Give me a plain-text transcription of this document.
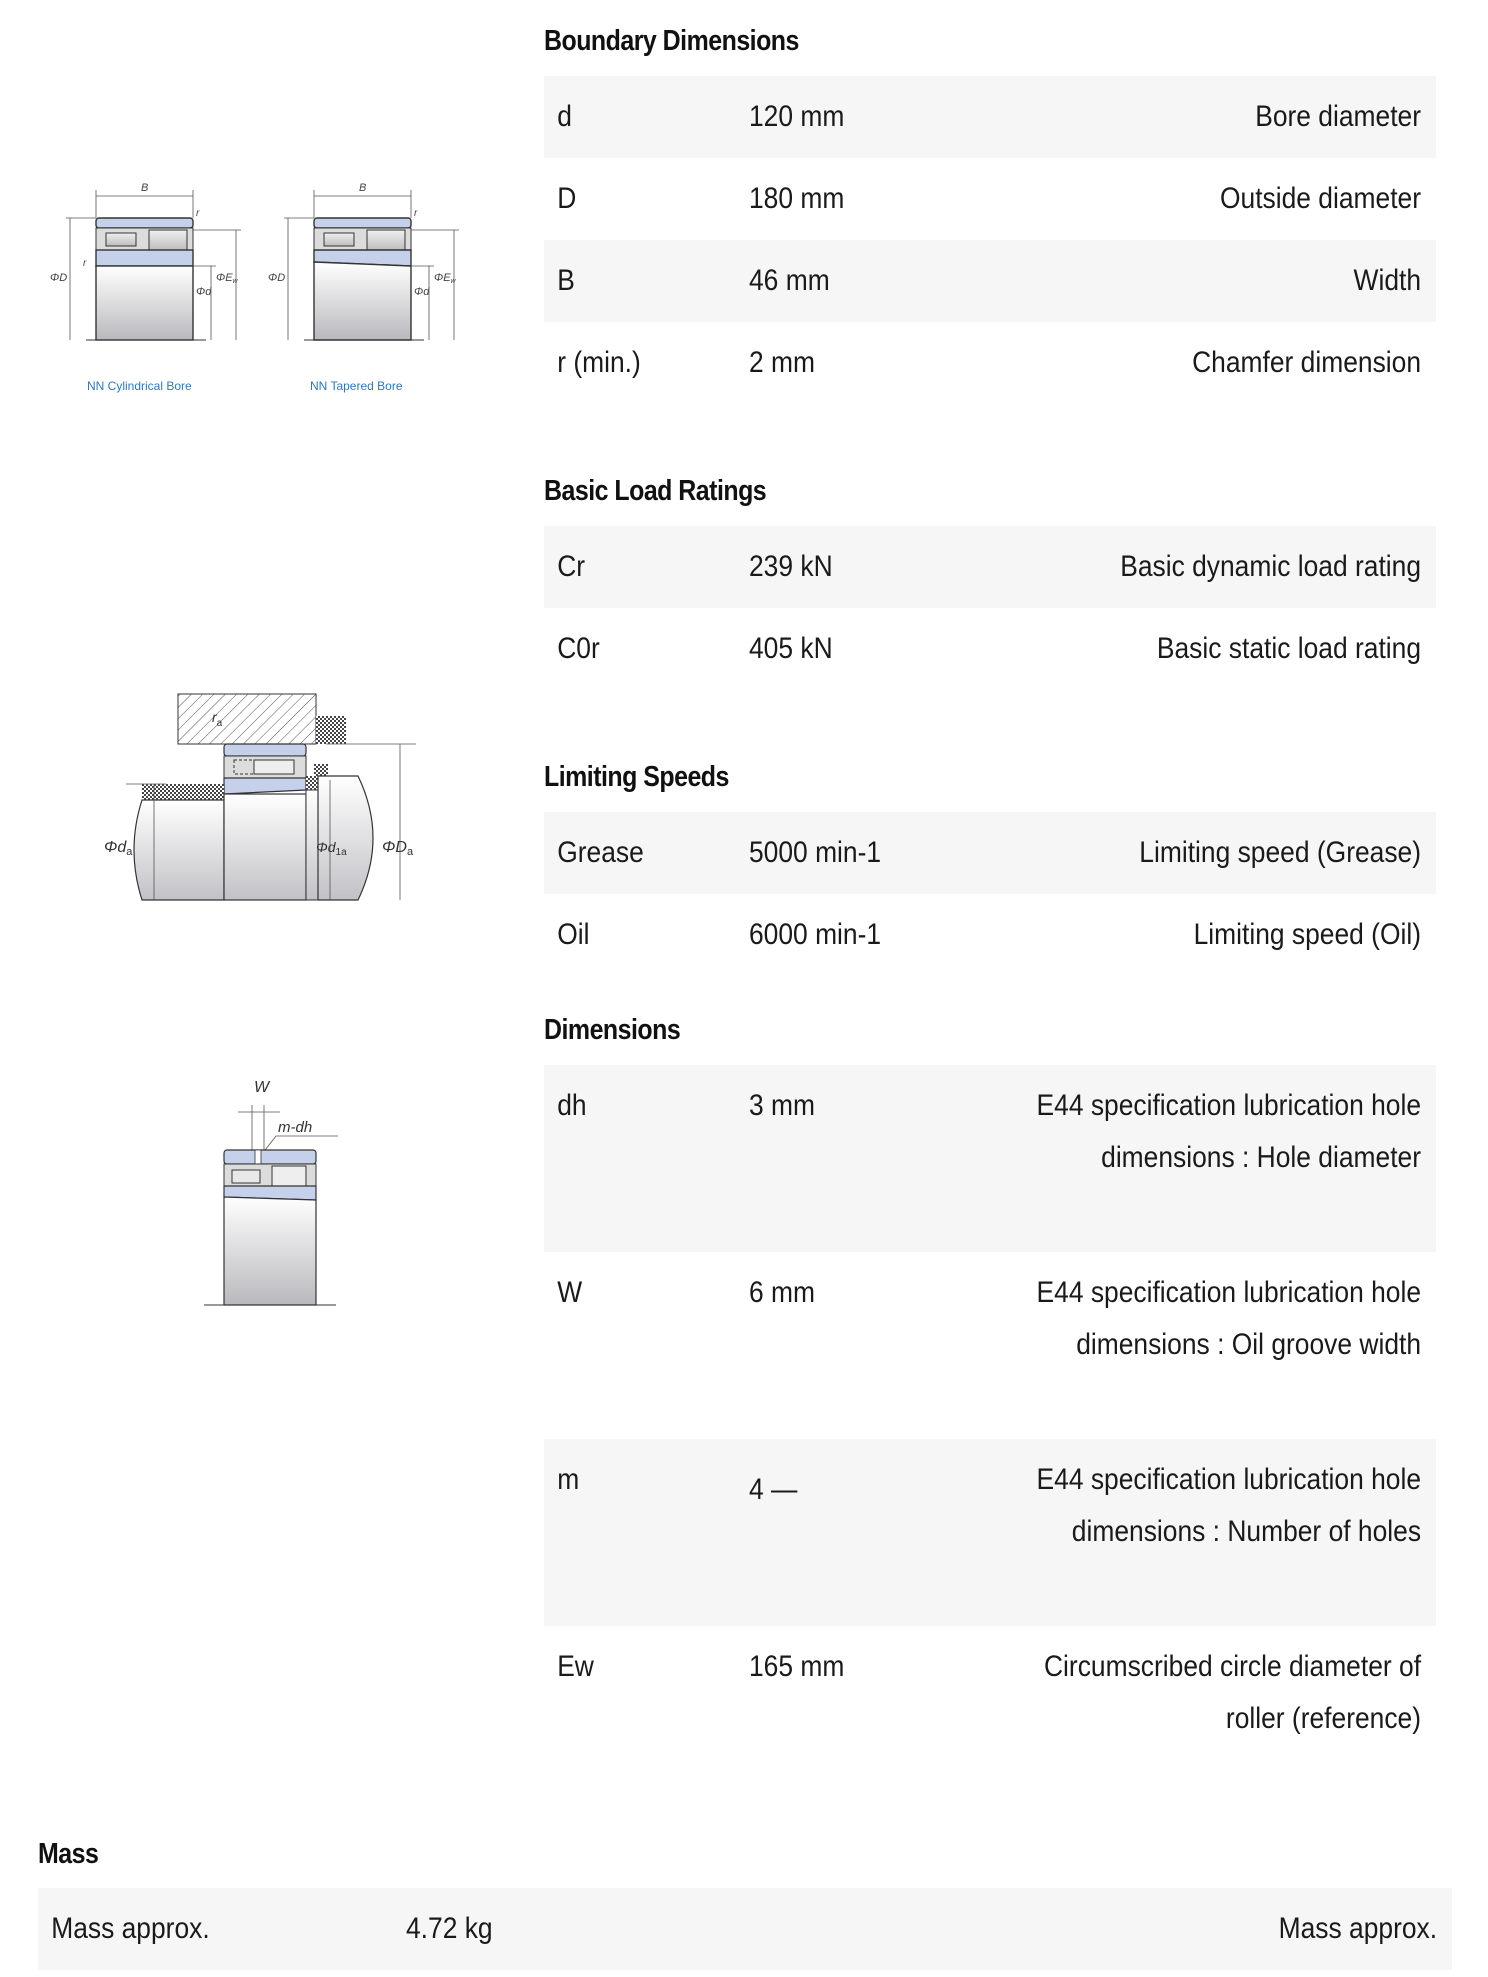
B
r
r
ΦD
Φd
ΦEw
NN Cylindrical Bore
B
r
ΦD
Φd
ΦEw
NN Tapered Bore
$r_a$
Φda	$\Phi d_{1a}$ ΦDa
W
m-dh
Boundary Dimensions
d	120 mm	Bore diameter
D	180 mm	Outside diameter
B	46 mm	Width
r (min.)	2 mm	Chamfer dimension
Basic Load Ratings
Cr	239 kN	Basic dynamic load rating
C0r	405 kN	Basic static load rating
Limiting Speeds
Grease	5000 min-1	Limiting speed (Grease)
Oil	6000 min-1	Limiting speed (Oil)
Dimensions
dh	3 mm	E44 specification lubrication hole dimensions : Hole diameter
W	6 mm	E44 specification lubrication hole dimensions : Oil groove width
m	4 —	E44 specification lubrication hole dimensions : Number of holes
Ew	165 mm	Circumscribed circle diameter of roller (reference)
Mass
Mass approx.	4.72 kg	Mass approx.
